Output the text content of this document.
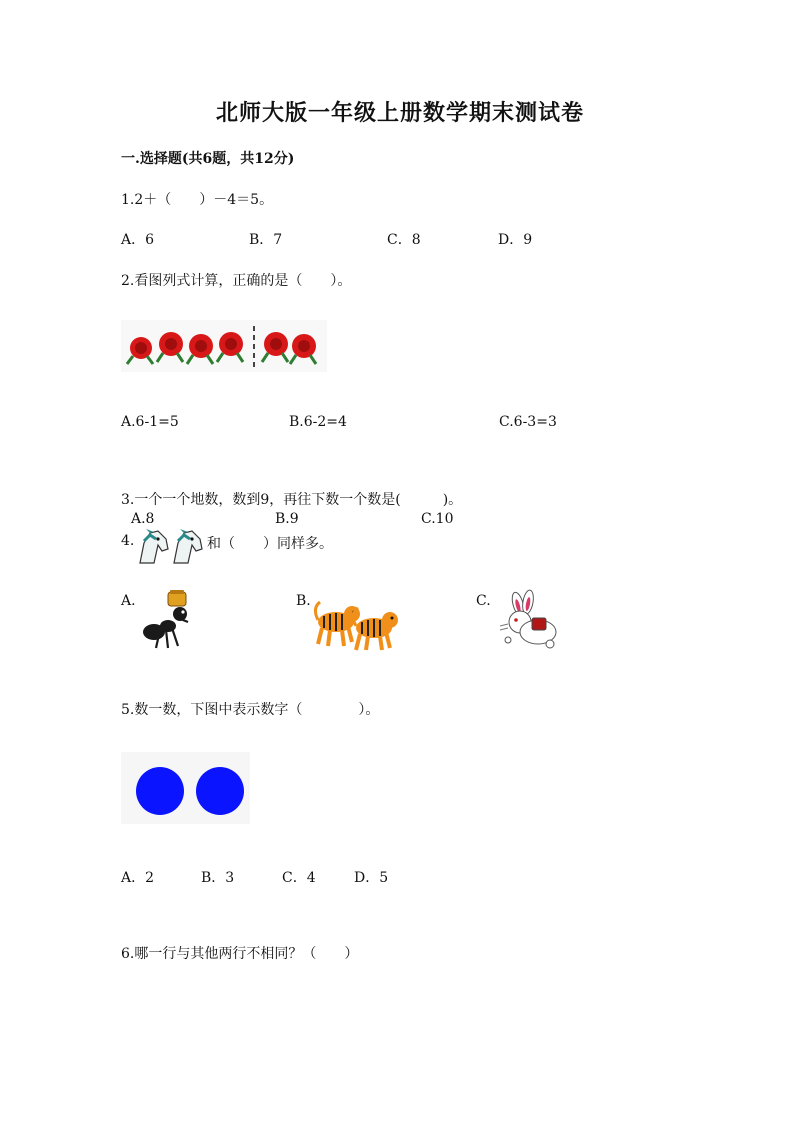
北师大版一年级上册数学期末测试卷
一.选择题(共6题，共12分)
1.2＋（　　）－4＝5。
A．6	B．7	C．8	D．9
2.看图列式计算，正确的是（　　）。
A.6-1=5	B.6-2=4	C.6-3=3
3.一个一个地数，数到9，再往下数一个数是(　　　)。
A.8	B.9	C.10
4.	和（　　）同样多。
A.	B.	C.
5.数一数，下图中表示数字（　　　　）。
A．2	B．3	C．4	D．5
6.哪一行与其他两行不相同？（　　）
